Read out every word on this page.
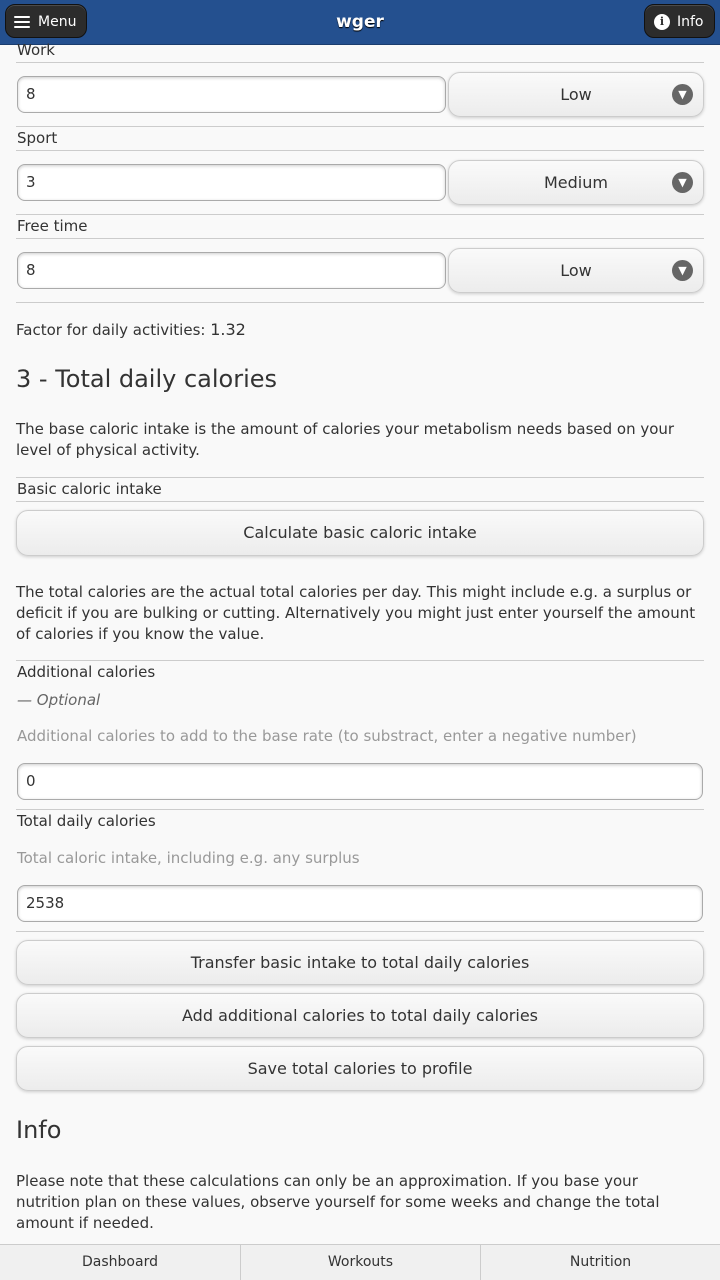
Menu	wger	i Info
Work
8	Low	▼
Sport
3	Medium	▼
Free time
8	Low	▼
Factor for daily activities: 1.32
3 - Total daily calories
The base caloric intake is the amount of calories your metabolism needs based on your level of physical activity.
Basic caloric intake
Calculate basic caloric intake
The total calories are the actual total calories per day. This might include e.g. a surplus or deficit if you are bulking or cutting. Alternatively you might just enter yourself the amount of calories if you know the value.
Additional calories
— Optional
Additional calories to add to the base rate (to substract, enter a negative number)
0
Total daily calories
Total caloric intake, including e.g. any surplus
2538
Transfer basic intake to total daily calories
Add additional calories to total daily calories
Save total calories to profile
Info
Please note that these calculations can only be an approximation. If you base your nutrition plan on these values, observe yourself for some weeks and change the total amount if needed.
Dashboard	Workouts	Nutrition
